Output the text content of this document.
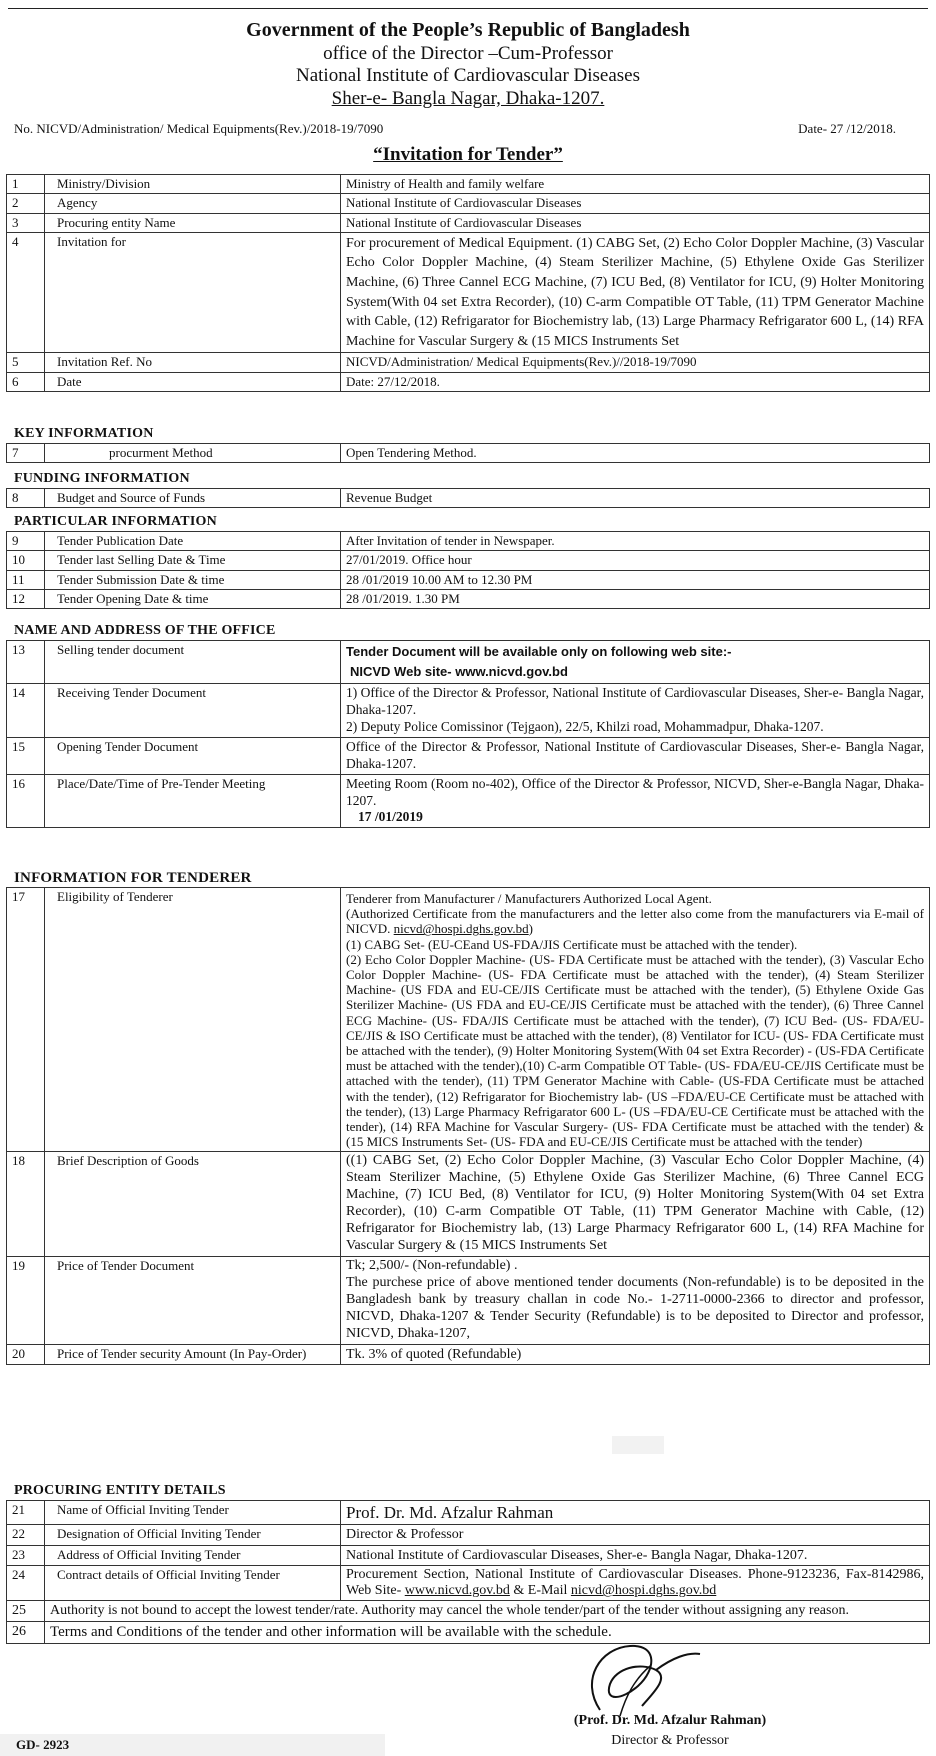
Government of the People’s Republic of Bangladesh
office of the Director –Cum-Professor
National Institute of Cardiovascular Diseases
Sher-e- Bangla Nagar, Dhaka-1207.
No. NICVD/Administration/ Medical Equipments(Rev.)/2018-19/7090	Date- 27 /12/2018.
“Invitation for Tender”
1	Ministry/Division	Ministry of Health and family welfare
2	Agency	National Institute of Cardiovascular Diseases
3	Procuring entity Name	National Institute of Cardiovascular Diseases
4	Invitation for	For procurement of Medical Equipment. (1) CABG Set, (2) Echo Color Doppler Machine, (3) Vascular Echo Color Doppler Machine, (4) Steam Sterilizer Machine, (5) Ethylene Oxide Gas Sterilizer Machine, (6) Three Cannel ECG Machine, (7) ICU Bed, (8) Ventilator for ICU, (9) Holter Monitoring System(With 04 set Extra Recorder), (10) C-arm Compatible OT Table, (11) TPM Generator Machine with Cable, (12) Refrigarator for Biochemistry lab, (13) Large Pharmacy Refrigarator 600 L, (14) RFA Machine for Vascular Surgery & (15 MICS Instruments Set
5	Invitation Ref. No	NICVD/Administration/ Medical Equipments(Rev.)//2018-19/7090
6	Date	Date: 27/12/2018.
KEY INFORMATION
7	procurment Method	Open Tendering Method.
FUNDING INFORMATION
8	Budget and Source of Funds	Revenue Budget
PARTICULAR INFORMATION
9	Tender Publication Date	After Invitation of tender in Newspaper.
10	Tender last Selling Date & Time	27/01/2019. Office hour
11	Tender Submission Date & time	28 /01/2019 10.00 AM to 12.30 PM
12	Tender Opening Date & time	28 /01/2019. 1.30 PM
NAME AND ADDRESS OF THE OFFICE
13	Selling tender document	Tender Document will be available only on following web site:-
NICVD Web site- www.nicvd.gov.bd

14	Receiving Tender Document	1) Office of the Director & Professor, National Institute of Cardiovascular Diseases, Sher-e- Bangla Nagar, Dhaka-1207.
2) Deputy Police Comissinor (Tejgaon), 22/5, Khilzi road, Mohammadpur, Dhaka-1207.

15	Opening Tender Document	Office of the Director & Professor, National Institute of Cardiovascular Diseases, Sher-e- Bangla Nagar, Dhaka-1207.
16	Place/Date/Time of Pre-Tender Meeting	Meeting Room (Room no-402), Office of the Director & Professor, NICVD, Sher-e-Bangla Nagar, Dhaka-1207.
17 /01/2019
INFORMATION FOR TENDERER
17	Eligibility of Tenderer	Tenderer from Manufacturer / Manufacturers Authorized Local Agent.
(Authorized Certificate from the manufacturers and the letter also come from the manufacturers via E-mail of NICVD. nicvd@hospi.dghs.gov.bd)
(1) CABG Set- (EU-CEand US-FDA/JIS Certificate must be attached with the tender).
(2) Echo Color Doppler Machine- (US- FDA Certificate must be attached with the tender), (3) Vascular Echo Color Doppler Machine- (US- FDA Certificate must be attached with the tender), (4) Steam Sterilizer Machine- (US FDA and EU-CE/JIS Certificate must be attached with the tender), (5) Ethylene Oxide Gas Sterilizer Machine- (US FDA and EU-CE/JIS Certificate must be attached with the tender), (6) Three Cannel ECG Machine- (US- FDA/JIS Certificate must be attached with the tender), (7) ICU Bed- (US- FDA/EU-CE/JIS & ISO Certificate must be attached with the tender), (8) Ventilator for ICU- (US- FDA Certificate must be attached with the tender), (9) Holter Monitoring System(With 04 set Extra Recorder) - (US-FDA Certificate must be attached with the tender),(10) C-arm Compatible OT Table- (US- FDA/EU-CE/JIS Certificate must be attached with the tender), (11) TPM Generator Machine with Cable- (US-FDA Certificate must be attached with the tender), (12) Refrigarator for Biochemistry lab- (US –FDA/EU-CE Certificate must be attached with the tender), (13) Large Pharmacy Refrigarator 600 L- (US –FDA/EU-CE Certificate must be attached with the tender), (14) RFA Machine for Vascular Surgery- (US- FDA Certificate must be attached with the tender) & (15 MICS Instruments Set- (US- FDA and EU-CE/JIS Certificate must be attached with the tender)

18	Brief Description of Goods	((1) CABG Set, (2) Echo Color Doppler Machine, (3) Vascular Echo Color Doppler Machine, (4) Steam Sterilizer Machine, (5) Ethylene Oxide Gas Sterilizer Machine, (6) Three Cannel ECG Machine, (7) ICU Bed, (8) Ventilator for ICU, (9) Holter Monitoring System(With 04 set Extra Recorder), (10) C-arm Compatible OT Table, (11) TPM Generator Machine with Cable, (12) Refrigarator for Biochemistry lab, (13) Large Pharmacy Refrigarator 600 L, (14) RFA Machine for Vascular Surgery & (15 MICS Instruments Set
19	Price of Tender Document	Tk; 2,500/- (Non-refundable) .
The purchese price of above mentioned tender documents (Non-refundable) is to be deposited in the Bangladesh bank by treasury challan in code No.- 1-2711-0000-2366 to director and professor, NICVD, Dhaka-1207 & Tender Security (Refundable) is to be deposited to Director and professor, NICVD, Dhaka-1207,

20	Price of Tender security Amount (In Pay-Order)	Tk. 3% of quoted (Refundable)
PROCURING ENTITY DETAILS
21	Name of Official Inviting Tender	Prof. Dr. Md. Afzalur Rahman
22	Designation of Official Inviting Tender	Director & Professor
23	Address of Official Inviting Tender	National Institute of Cardiovascular Diseases, Sher-e- Bangla Nagar, Dhaka-1207.
24	Contract details of Official Inviting Tender	Procurement Section, National Institute of Cardiovascular Diseases. Phone-9123236, Fax-8142986, Web Site- www.nicvd.gov.bd & E-Mail nicvd@hospi.dghs.gov.bd
25	Authority is not bound to accept the lowest tender/rate. Authority may cancel the whole tender/part of the tender without assigning any reason.	
26	Terms and Conditions of the tender and other information will be available with the schedule.	
(Prof. Dr. Md. Afzalur Rahman)
Director & Professor
GD- 2923
